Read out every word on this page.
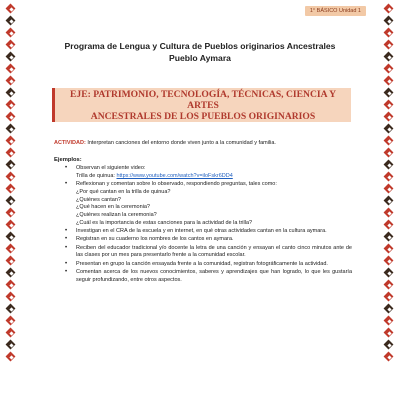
1° BÁSICO Unidad 1
Programa de Lengua y Cultura de Pueblos originarios Ancestrales
Pueblo Aymara
EJE: PATRIMONIO, TECNOLOGÍA, TÉCNICAS, CIENCIA Y ARTES
ANCESTRALES DE LOS PUEBLOS ORIGINARIOS
ACTIVIDAD: Interpretan canciones del entorno donde viven junto a la comunidad y familia.
Ejemplos:
• Observan el siguiente video:
Trilla de quinua: https://www.youtube.com/watch?v=iloFskr6DD4
• Reflexionan y comentan sobre lo observado, respondiendo preguntas, tales como:
¿Por qué cantan en la trilla de quinua?
¿Quiénes cantan?
¿Qué hacen en la ceremonia?
¿Quiénes realizan la ceremonia?
¿Cuál es la importancia de estas canciones para la actividad de la trilla?
• Investigan en el CRA de la escuela y en internet, en qué otras actividades cantan en la cultura aymara.
• Registran en su cuaderno los nombres de los cantos en aymara.
• Reciben del educador tradicional y/o docente la letra de una canción y ensayan el canto cinco minutos ante de las clases por un mes para presentarlo frente a la comunidad escolar.
• Presentan en grupo la canción ensayada frente a la comunidad, registran fotográficamente la actividad.
• Comentan acerca de los nuevos conocimientos, saberes y aprendizajes que han logrado, lo que les gustaría seguir profundizando, entre otros aspectos.
